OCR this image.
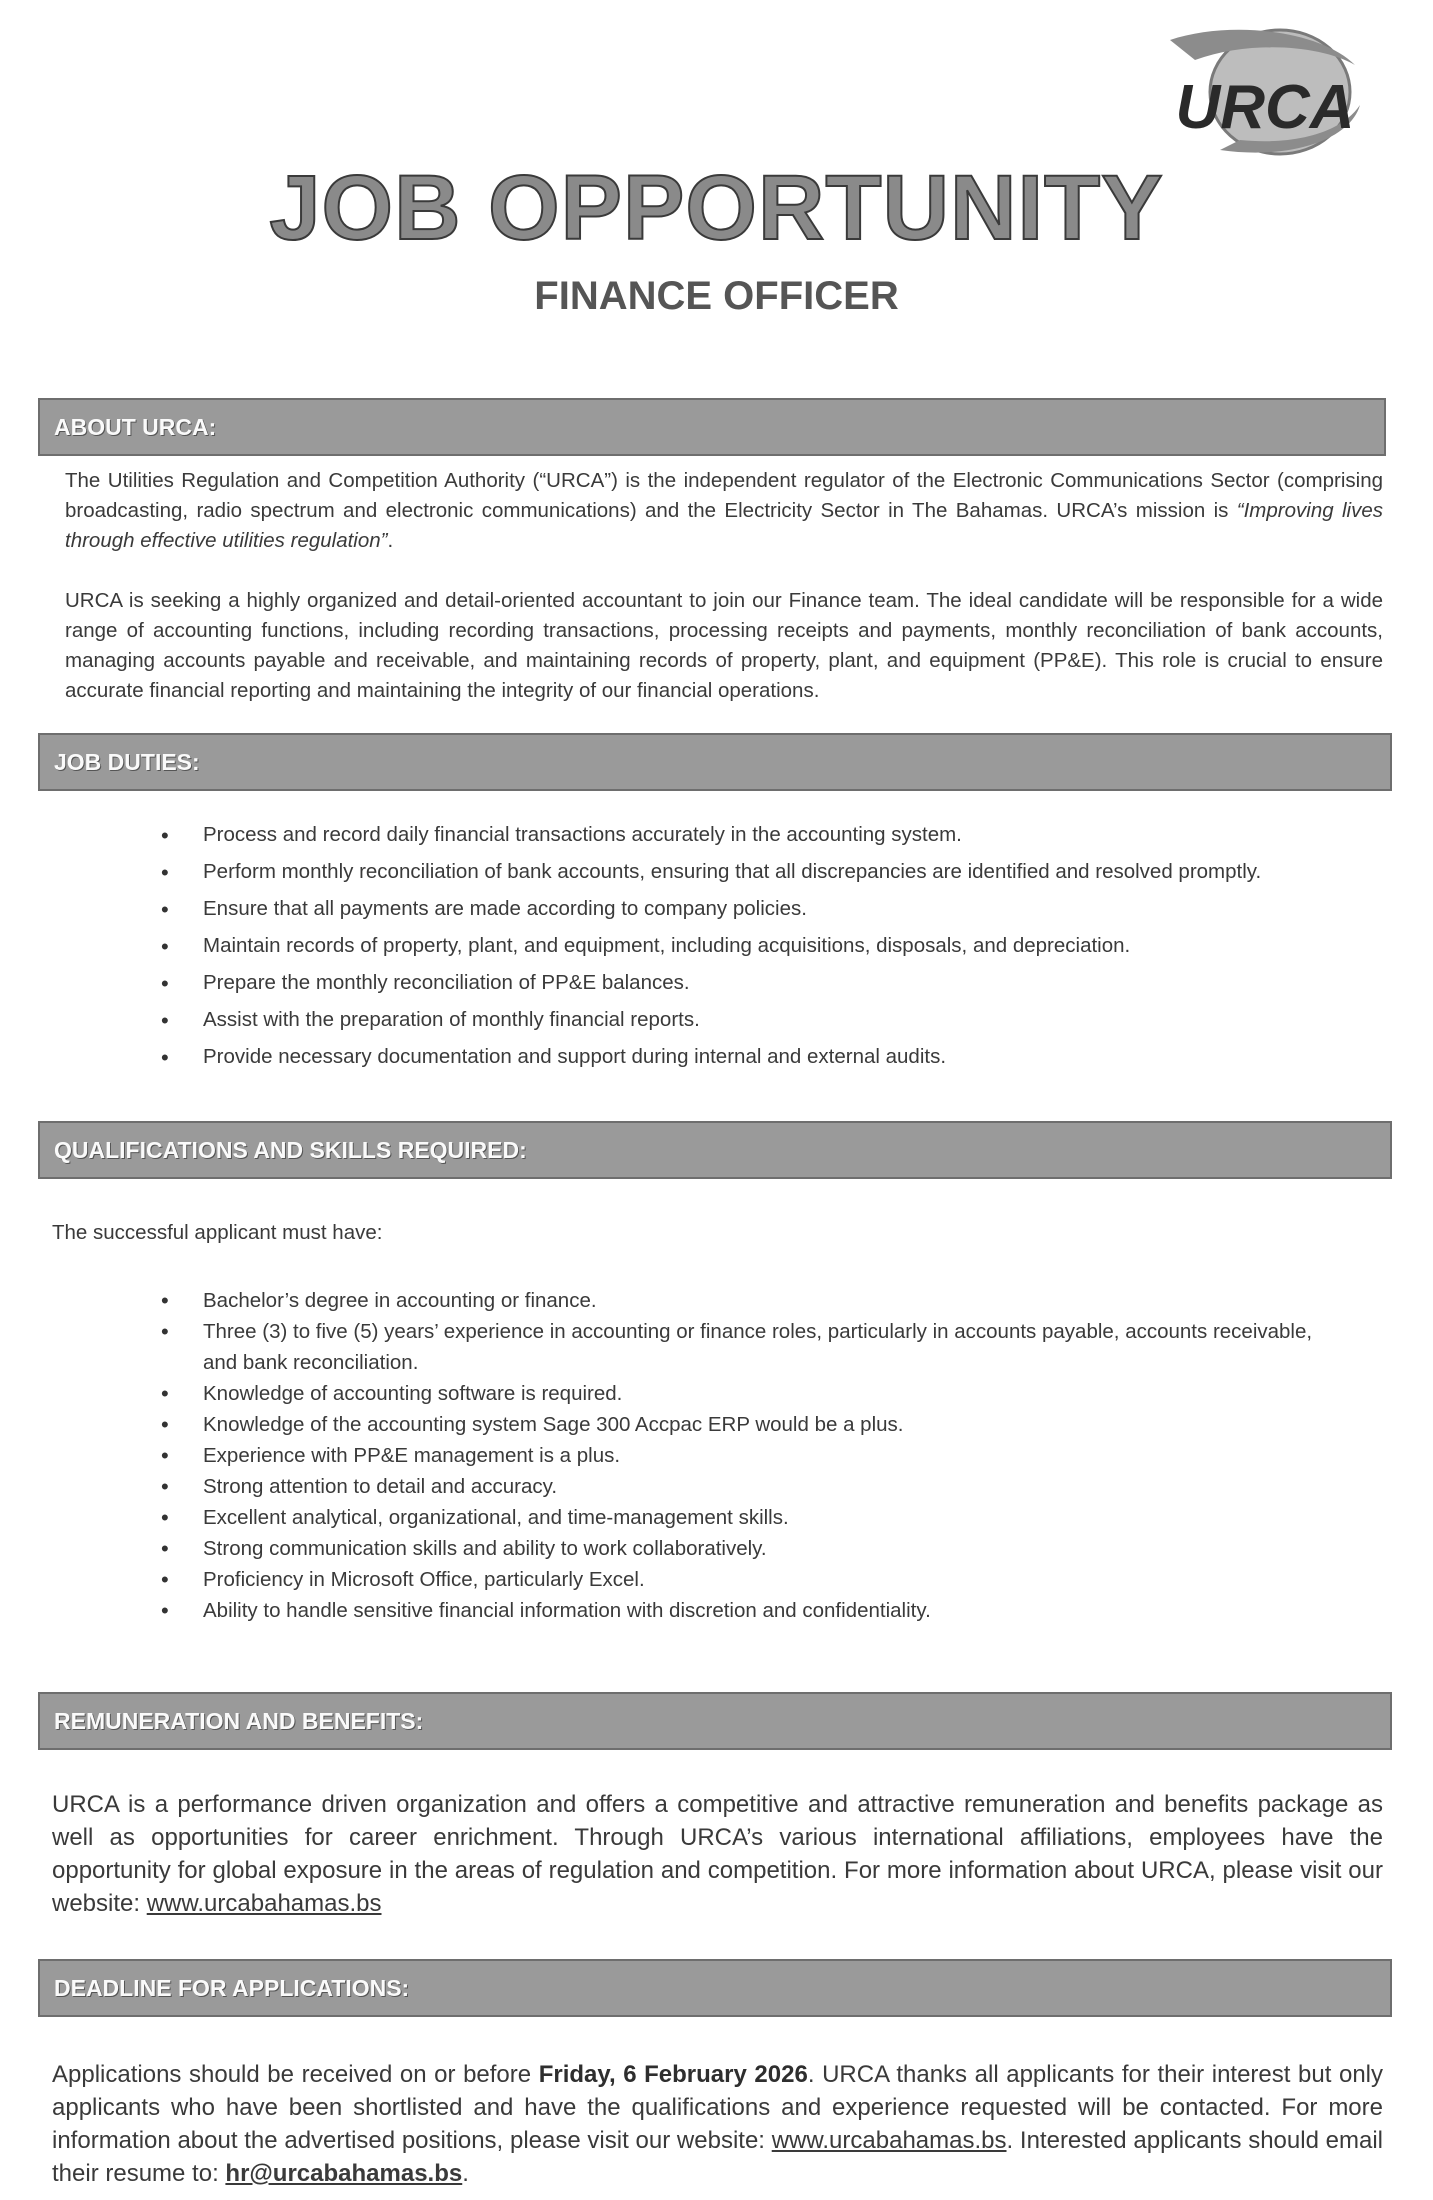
URCA
JOB OPPORTUNITY
FINANCE OFFICER
ABOUT URCA:

The Utilities Regulation and Competition Authority (“URCA”) is the independent regulator of the Electronic Communications Sector (comprising broadcasting, radio spectrum and electronic communications) and the Electricity Sector in The Bahamas. URCA’s mission is “Improving lives through effective utilities regulation”.

URCA is seeking a highly organized and detail-oriented accountant to join our Finance team. The ideal candidate will be responsible for a wide range of accounting functions, including recording transactions, processing receipts and payments, monthly reconciliation of bank accounts, managing accounts payable and receivable, and maintaining records of property, plant, and equipment (PP&E). This role is crucial to ensure accurate financial reporting and maintaining the integrity of our financial operations.

JOB DUTIES:
• Process and record daily financial transactions accurately in the accounting system.
• Perform monthly reconciliation of bank accounts, ensuring that all discrepancies are identified and resolved promptly.
• Ensure that all payments are made according to company policies.
• Maintain records of property, plant, and equipment, including acquisitions, disposals, and depreciation.
• Prepare the monthly reconciliation of PP&E balances.
• Assist with the preparation of monthly financial reports.
• Provide necessary documentation and support during internal and external audits.
QUALIFICATIONS AND SKILLS REQUIRED:

The successful applicant must have:

• Bachelor’s degree in accounting or finance.
• Three (3) to five (5) years’ experience in accounting or finance roles, particularly in accounts payable, accounts receivable, and bank reconciliation.
• Knowledge of accounting software is required.
• Knowledge of the accounting system Sage 300 Accpac ERP would be a plus.
• Experience with PP&E management is a plus.
• Strong attention to detail and accuracy.
• Excellent analytical, organizational, and time-management skills.
• Strong communication skills and ability to work collaboratively.
• Proficiency in Microsoft Office, particularly Excel.
• Ability to handle sensitive financial information with discretion and confidentiality.
REMUNERATION AND BENEFITS:

URCA is a performance driven organization and offers a competitive and attractive remuneration and benefits package as well as opportunities for career enrichment. Through URCA’s various international affiliations, employees have the opportunity for global exposure in the areas of regulation and competition. For more information about URCA, please visit our website: www.urcabahamas.bs

DEADLINE FOR APPLICATIONS:

Applications should be received on or before Friday, 6 February 2026. URCA thanks all applicants for their interest but only applicants who have been shortlisted and have the qualifications and experience requested will be contacted. For more information about the advertised positions, please visit our website: www.urcabahamas.bs. Interested applicants should email their resume to: hr@urcabahamas.bs.
